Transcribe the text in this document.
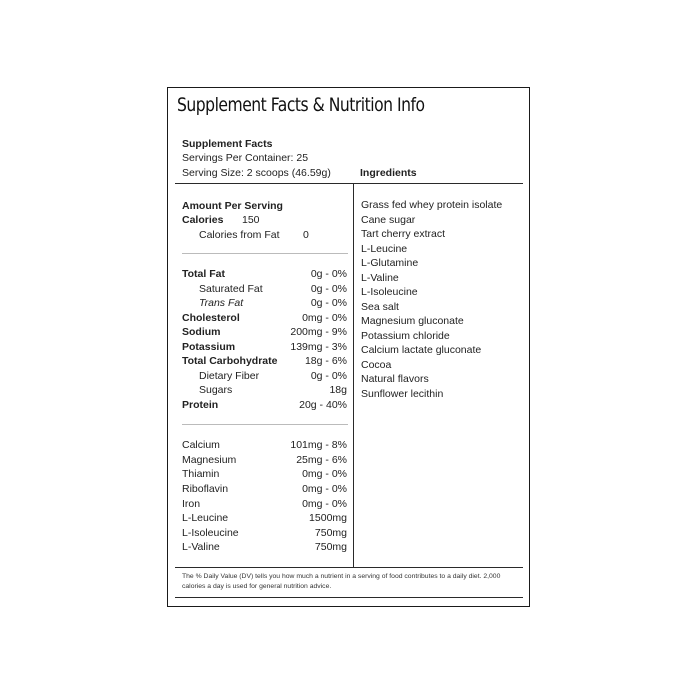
Supplement Facts & Nutrition Info
Supplement Facts
Servings Per Container: 25
Serving Size: 2 scoops (46.59g)	Ingredients
Amount Per Serving
Calories 150
Calories from Fat 0
Total Fat	0g - 0%
Saturated Fat	0g - 0%
Trans Fat	0g - 0%
Cholesterol	0mg - 0%
Sodium	200mg - 9%
Potassium	139mg - 3%
Total Carbohydrate	18g - 6%
Dietary Fiber	0g - 0%
Sugars	18g
Protein	20g - 40%
Calcium	101mg - 8%
Magnesium	25mg - 6%
Thiamin	0mg - 0%
Riboflavin	0mg - 0%
Iron	0mg - 0%
L-Leucine	1500mg
L-Isoleucine	750mg
L-Valine	750mg
Grass fed whey protein isolate
Cane sugar
Tart cherry extract
L-Leucine
L-Glutamine
L-Valine
L-Isoleucine
Sea salt
Magnesium gluconate
Potassium chloride
Calcium lactate gluconate
Cocoa
Natural flavors
Sunflower lecithin
The % Daily Value (DV) tells you how much a nutrient in a serving of food contributes to a daily diet. 2,000 calories a day is used for general nutrition advice.
